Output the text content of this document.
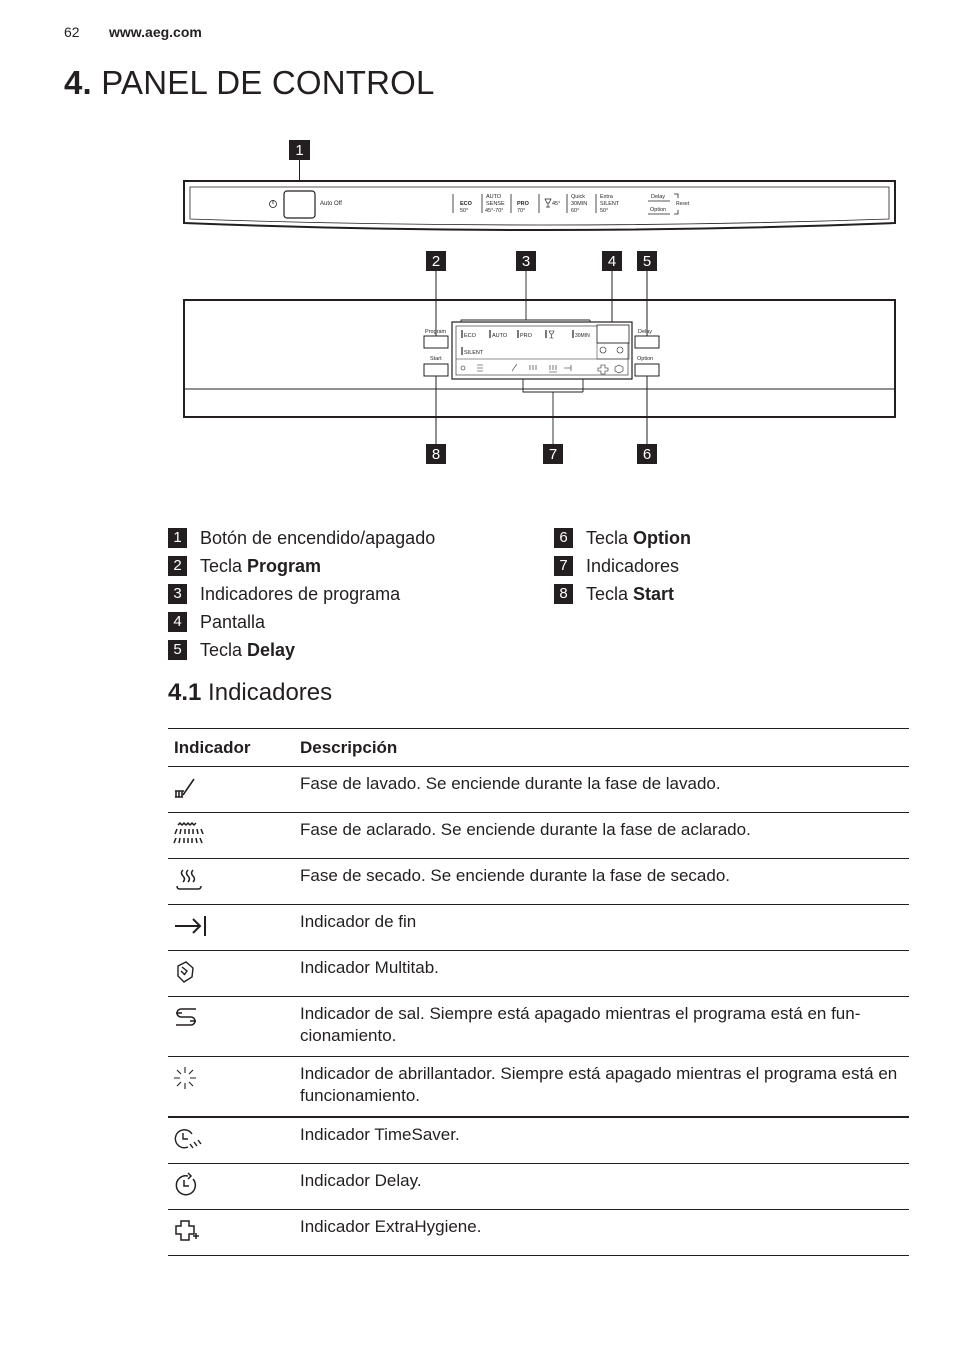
62 www.aeg.com
4. PANEL DE CONTROL
1
Auto Off	ECO
50°
AUTO
SENSE
45°-70°
PRO
70°
45°
Quick
30MIN
60°
Extra
SILENT
50°
Delay
Option
Reset
2	3	4 5
Program
Start
ECO	AUTO PRO	30MIN
SILENT
Delay
Option
8	7	6
1 Botón de encendido/apagado
2 Tecla Program
3 Indicadores de programa
4 Pantalla
5 Tecla Delay
6 Tecla Option
7 Indicadores
8 Tecla Start
4.1 Indicadores
Indicador	Descripción

	Fase de lavado. Se enciende durante la fase de lavado.

	Fase de aclarado. Se enciende durante la fase de aclarado.

	Fase de secado. Se enciende durante la fase de secado.

	Indicador de fin

	Indicador Multitab.

	Indicador de sal. Siempre está apagado mientras el programa está en fun-cionamiento.

	Indicador de abrillantador. Siempre está apagado mientras el programa está en funcionamiento.

	Indicador TimeSaver.

	Indicador Delay.

	Indicador ExtraHygiene.
